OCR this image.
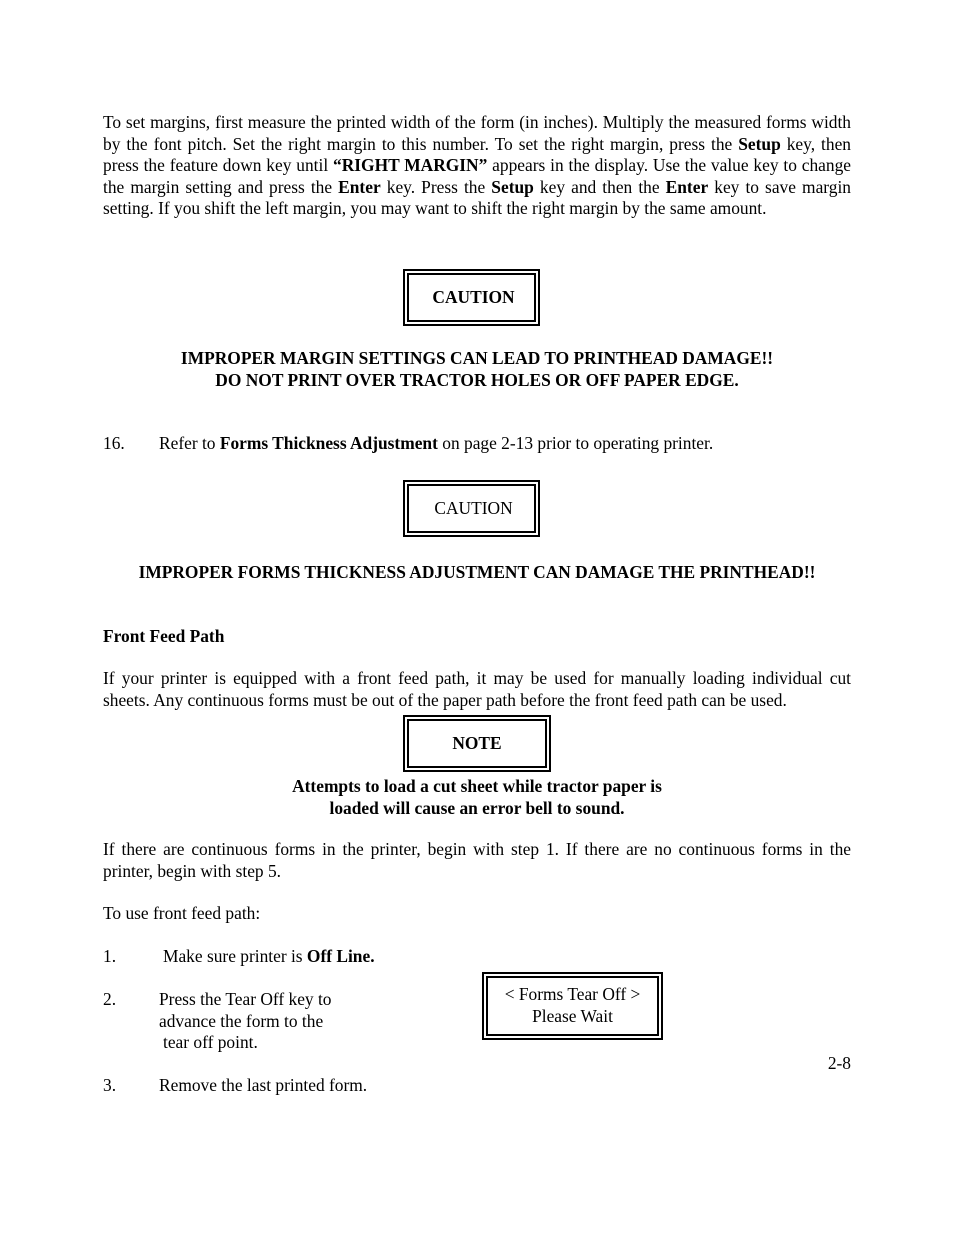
To set margins, first measure the printed width of the form (in inches). Multiply the measured forms width by the font pitch. Set the right margin to this number. To set the right margin, press the Setup key, then press the feature down key until “RIGHT MARGIN” appears in the display. Use the value key to change the margin setting and press the Enter key. Press the Setup key and then the Enter key to save margin setting. If you shift the left margin, you may want to shift the right margin by the same amount.
CAUTION
IMPROPER MARGIN SETTINGS CAN LEAD TO PRINTHEAD DAMAGE!!
DO NOT PRINT OVER TRACTOR HOLES OR OFF PAPER EDGE.
16. Refer to Forms Thickness Adjustment on page 2-13 prior to operating printer.
CAUTION
IMPROPER FORMS THICKNESS ADJUSTMENT CAN DAMAGE THE PRINTHEAD!!
Front Feed Path
If your printer is equipped with a front feed path, it may be used for manually loading individual cut sheets. Any continuous forms must be out of the paper path before the front feed path can be used.
NOTE
Attempts to load a cut sheet while tractor paper is
loaded will cause an error bell to sound.
If there are continuous forms in the printer, begin with step 1. If there are no continuous forms in the printer, begin with step 5.
To use front feed path:
1.	Make sure printer is Off Line.
2. Press the Tear Off key to
advance the form to the
tear off point.
< Forms Tear Off >
Please Wait
2-8
3. Remove the last printed form.
